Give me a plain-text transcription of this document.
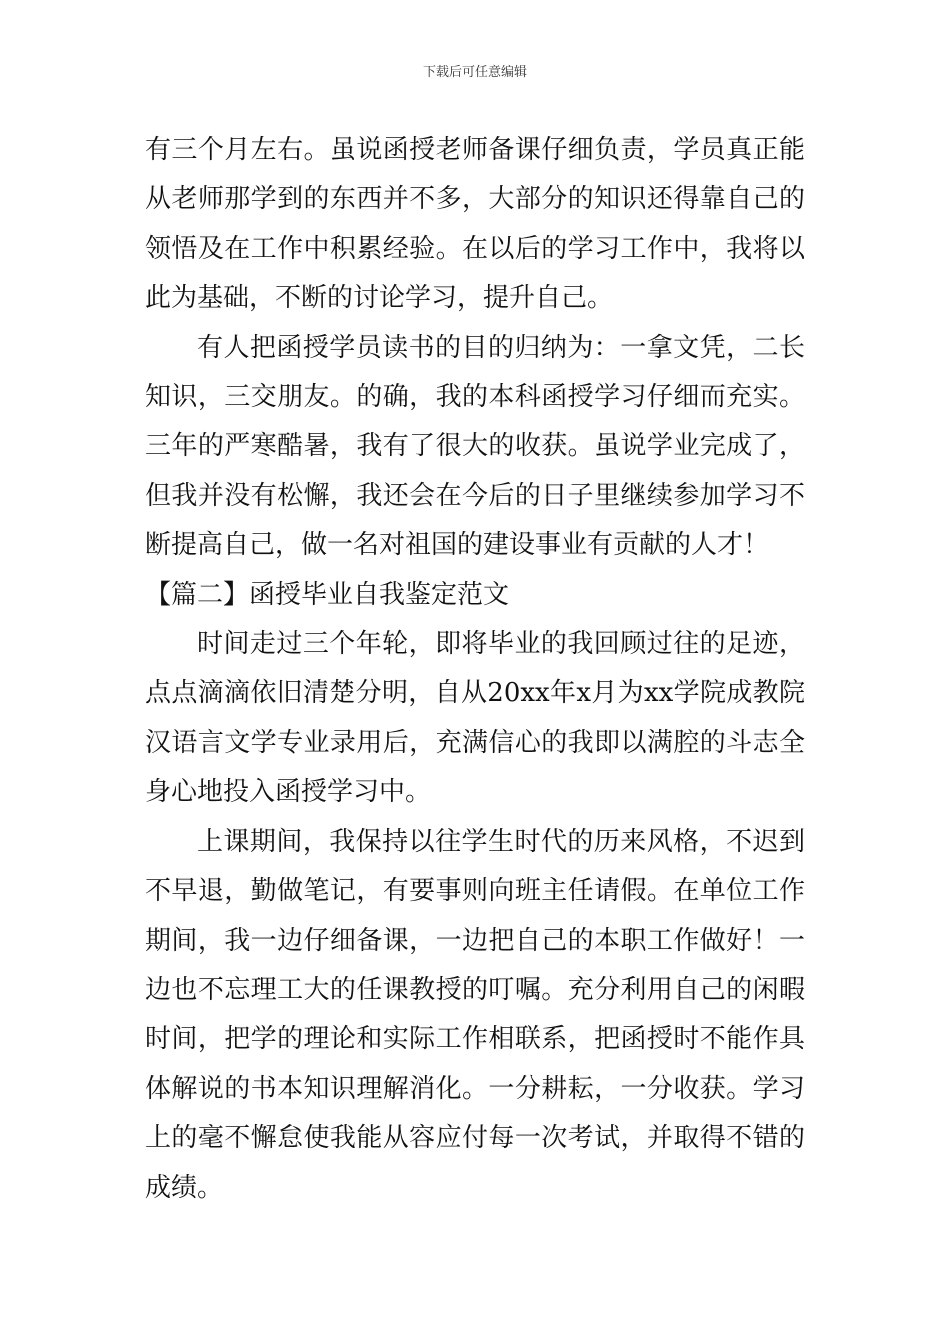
下载后可任意编辑

有三个月左右。虽说函授老师备课仔细负责，学员真正能从老师那学到的东西并不多，大部分的知识还得靠自己的领悟及在工作中积累经验。在以后的学习工作中，我将以此为基础，不断的讨论学习，提升自己。

有人把函授学员读书的目的归纳为：一拿文凭，二长知识，三交朋友。的确，我的本科函授学习仔细而充实。三年的严寒酷暑，我有了很大的收获。虽说学业完成了，但我并没有松懈，我还会在今后的日子里继续参加学习不断提高自己，做一名对祖国的建设事业有贡献的人才！

【篇二】函授毕业自我鉴定范文

时间走过三个年轮，即将毕业的我回顾过往的足迹，点点滴滴依旧清楚分明，自从20xx年x月为xx学院成教院汉语言文学专业录用后，充满信心的我即以满腔的斗志全身心地投入函授学习中。

上课期间，我保持以往学生时代的历来风格，不迟到不早退，勤做笔记，有要事则向班主任请假。在单位工作期间，我一边仔细备课，一边把自己的本职工作做好！一边也不忘理工大的任课教授的叮嘱。充分利用自己的闲暇时间，把学的理论和实际工作相联系，把函授时不能作具体解说的书本知识理解消化。一分耕耘，一分收获。学习上的毫不懈怠使我能从容应付每一次考试，并取得不错的成绩。
